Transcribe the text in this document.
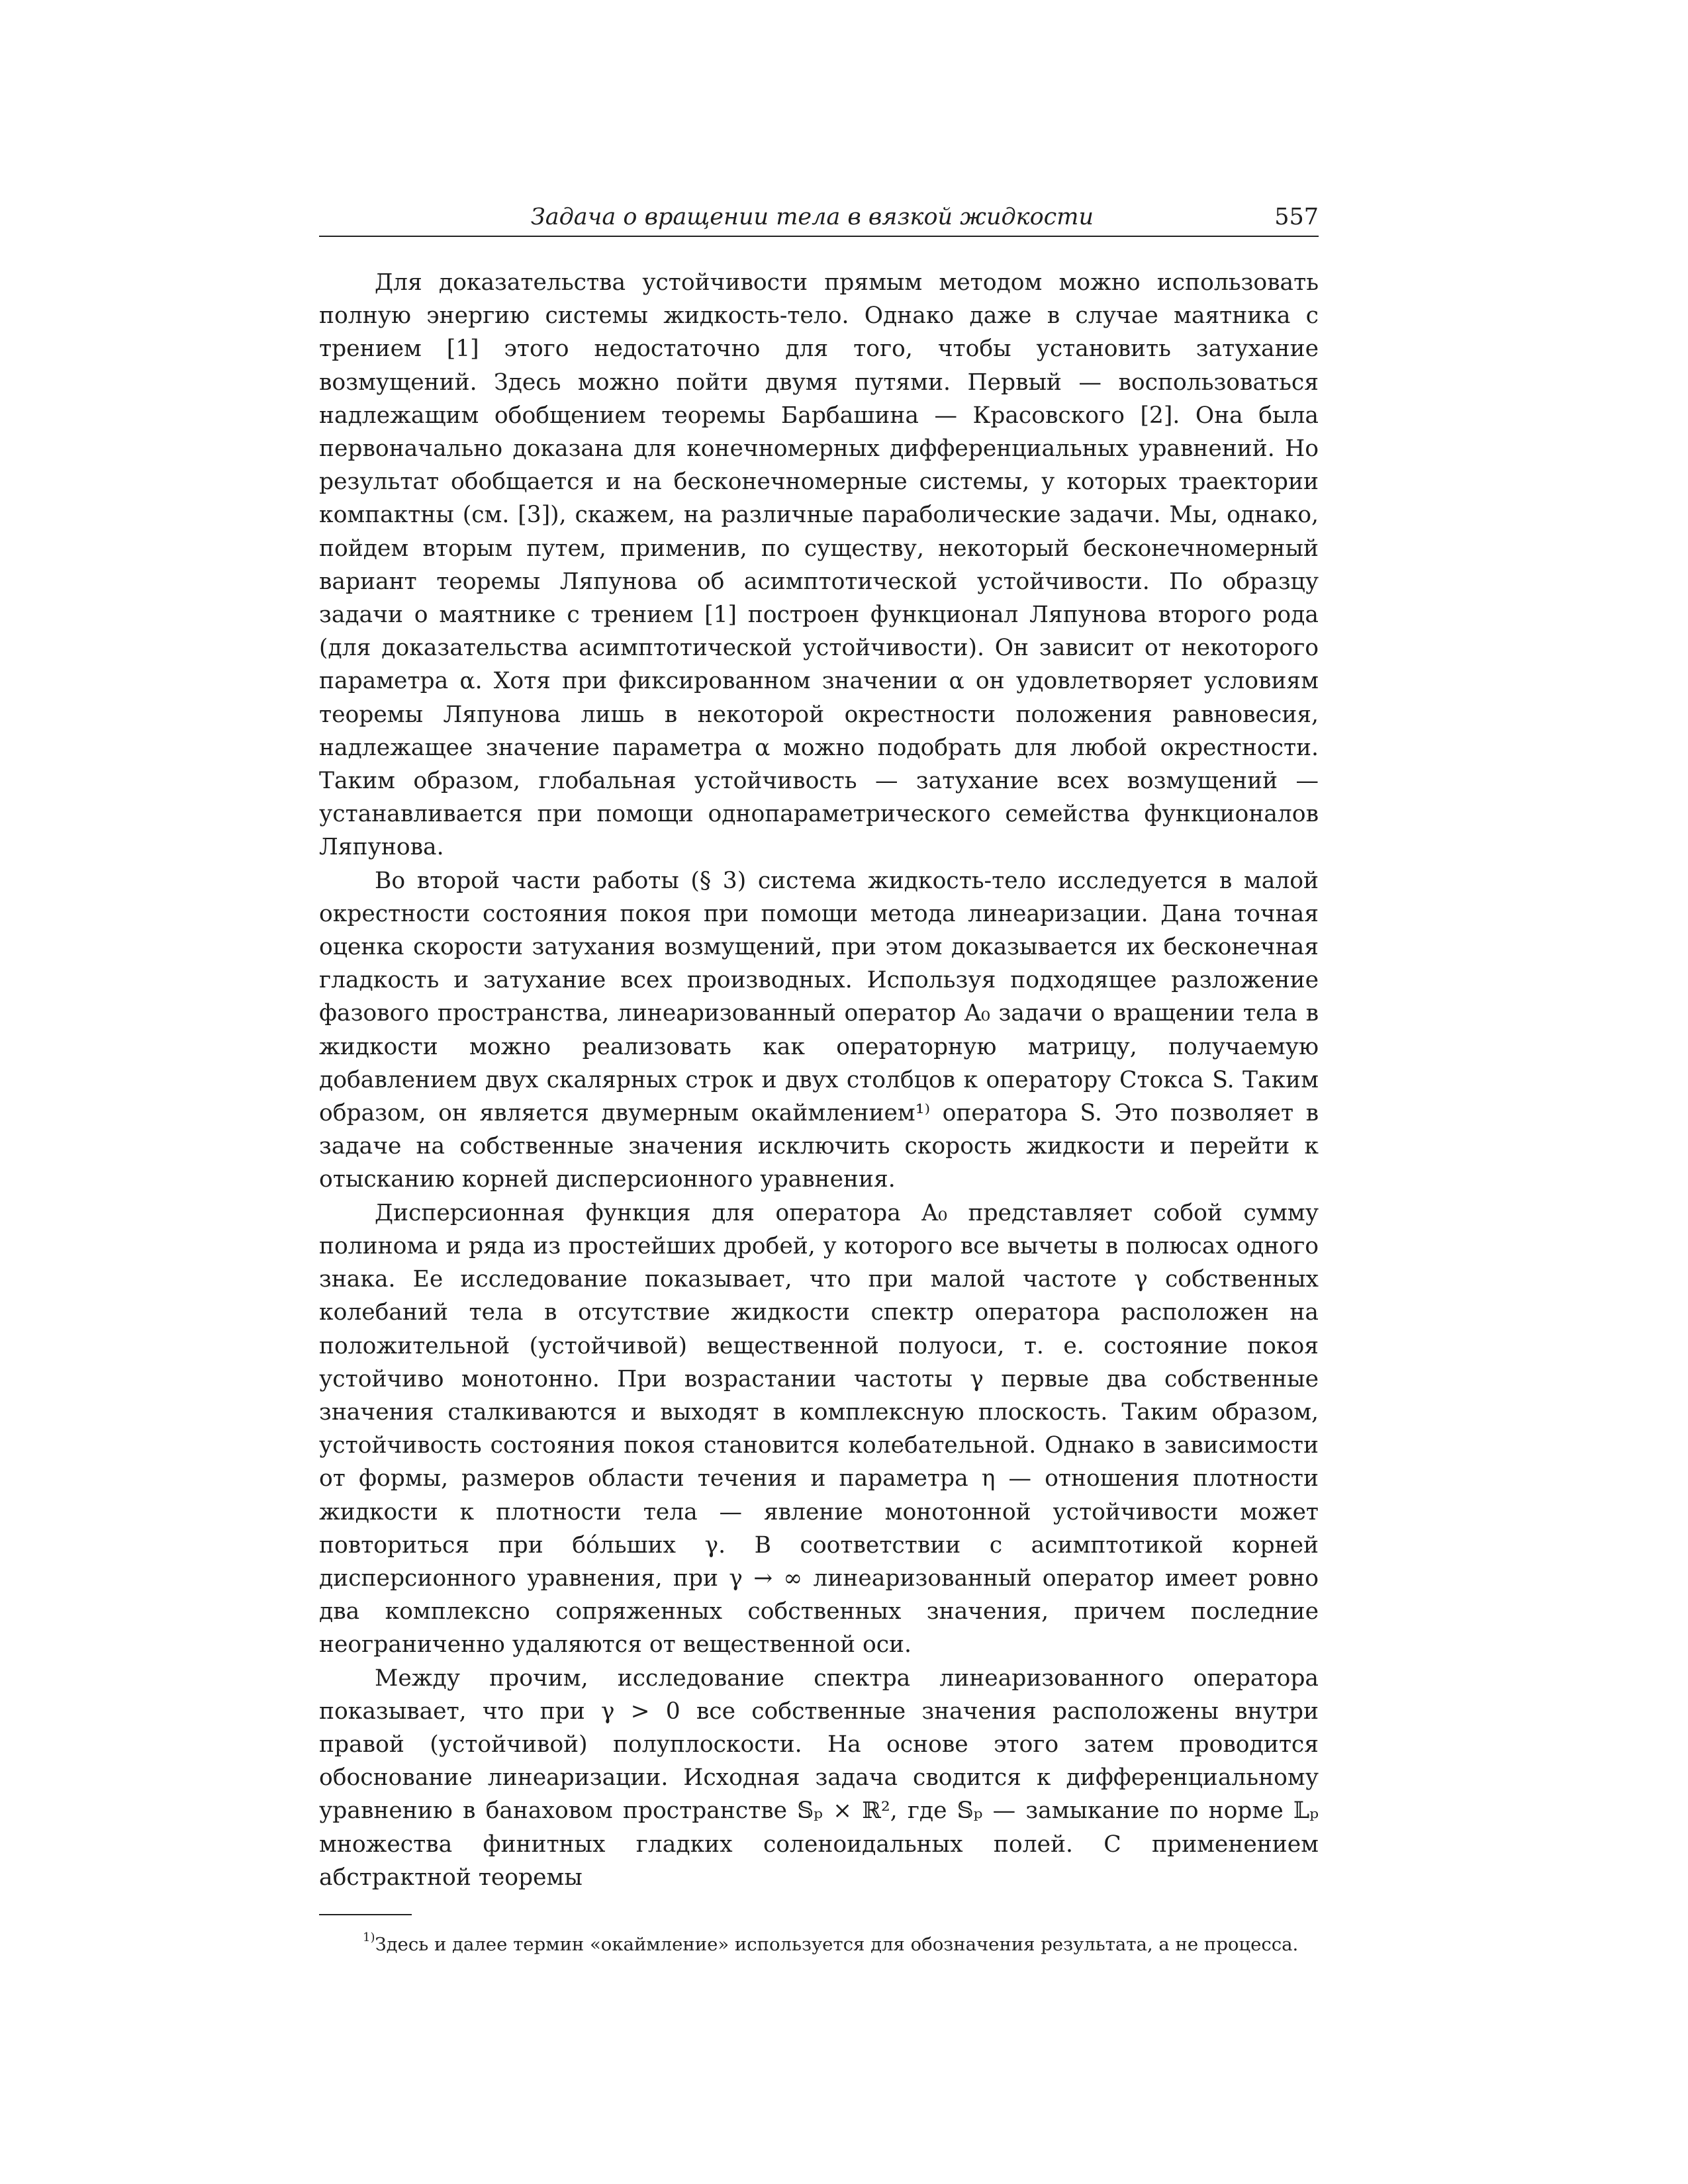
Задача о вращении тела в вязкой жидкости	557

Для доказательства устойчивости прямым методом можно использовать полную энергию системы жидкость-тело. Однако даже в случае маятника с трением [1] этого недостаточно для того, чтобы установить затухание возмущений. Здесь можно пойти двумя путями. Первый — воспользоваться надлежащим обобщением теоремы Барбашина — Красовского [2]. Она была первоначально доказана для конечномерных дифференциальных уравнений. Но результат обобщается и на бесконечномерные системы, у которых траектории компактны (см. [3]), скажем, на различные параболические задачи. Мы, однако, пойдем вторым путем, применив, по существу, некоторый бесконечномерный вариант теоремы Ляпунова об асимптотической устойчивости. По образцу задачи о маятнике с трением [1] построен функционал Ляпунова второго рода (для доказательства асимптотической устойчивости). Он зависит от некоторого параметра α. Хотя при фиксированном значении α он удовлетворяет условиям теоремы Ляпунова лишь в некоторой окрестности положения равновесия, надлежащее значение параметра α можно подобрать для любой окрестности. Таким образом, глобальная устойчивость — затухание всех возмущений — устанавливается при помощи однопараметрического семейства функционалов Ляпунова.

Во второй части работы (§ 3) система жидкость-тело исследуется в малой окрестности состояния покоя при помощи метода линеаризации. Дана точная оценка скорости затухания возмущений, при этом доказывается их бесконечная гладкость и затухание всех производных. Используя подходящее разложение фазового пространства, линеаризованный оператор A₀ задачи о вращении тела в жидкости можно реализовать как операторную матрицу, получаемую добавлением двух скалярных строк и двух столбцов к оператору Стокса S. Таким образом, он является двумерным окаймлением¹⁾ оператора S. Это позволяет в задаче на собственные значения исключить скорость жидкости и перейти к отысканию корней дисперсионного уравнения.

Дисперсионная функция для оператора A₀ представляет собой сумму полинома и ряда из простейших дробей, у которого все вычеты в полюсах одного знака. Ее исследование показывает, что при малой частоте γ собственных колебаний тела в отсутствие жидкости спектр оператора расположен на положительной (устойчивой) вещественной полуоси, т. е. состояние покоя устойчиво монотонно. При возрастании частоты γ первые два собственные значения сталкиваются и выходят в комплексную плоскость. Таким образом, устойчивость состояния покоя становится колебательной. Однако в зависимости от формы, размеров области течения и параметра η — отношения плотности жидкости к плотности тела — явление монотонной устойчивости может повториться при бо́льших γ. В соответствии с асимптотикой корней дисперсионного уравнения, при γ → ∞ линеаризованный оператор имеет ровно два комплексно сопряженных собственных значения, причем последние неограниченно удаляются от вещественной оси.

Между прочим, исследование спектра линеаризованного оператора показывает, что при γ > 0 все собственные значения расположены внутри правой (устойчивой) полуплоскости. На основе этого затем проводится обоснование линеаризации. Исходная задача сводится к дифференциальному уравнению в банаховом пространстве 𝕊ₚ × ℝ², где 𝕊ₚ — замыкание по норме 𝕃ₚ множества финитных гладких соленоидальных полей. С применением абстрактной теоремы

$^{1)}$Здесь и далее термин «окаймление» используется для обозначения результата, а не процесса.
